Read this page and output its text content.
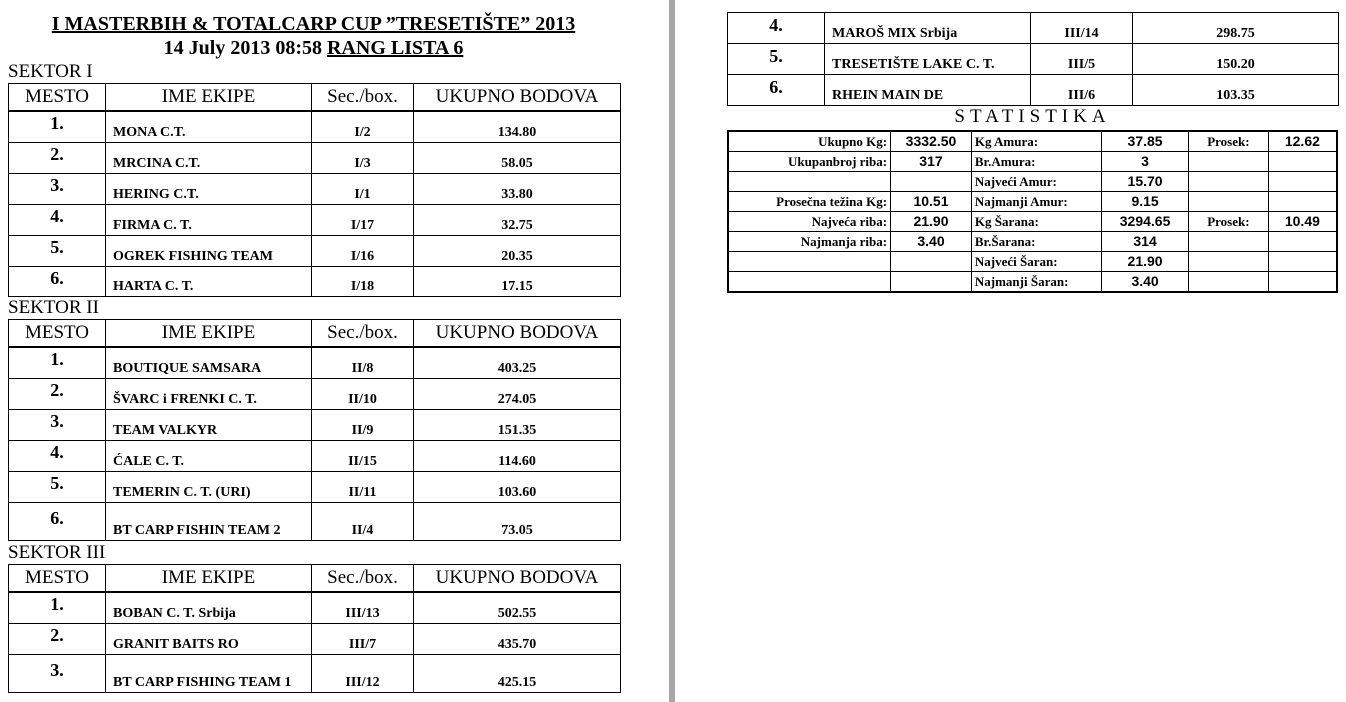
I MASTERBIH & TOTALCARP CUP ”TRESETIŠTE” 2013
14 July 2013 08:58 RANG LISTA 6
SEKTOR I
MESTO	IME EKIPE	Sec./box.	UKUPNO BODOVA
1.	MONA C.T.	I/2	134.80
2.	MRCINA C.T.	I/3	58.05
3.	HERING C.T.	I/1	33.80
4.	FIRMA C. T.	I/17	32.75
5.	OGREK FISHING TEAM	I/16	20.35
6.	HARTA C. T.	I/18	17.15
SEKTOR II
MESTO	IME EKIPE	Sec./box.	UKUPNO BODOVA
1.	BOUTIQUE SAMSARA	II/8	403.25
2.	ŠVARC i FRENKI C. T.	II/10	274.05
3.	TEAM VALKYR	II/9	151.35
4.	ĆALE C. T.	II/15	114.60
5.	TEMERIN C. T. (URI)	II/11	103.60
6.	BT CARP FISHIN TEAM 2	II/4	73.05
SEKTOR III
MESTO	IME EKIPE	Sec./box.	UKUPNO BODOVA
1.	BOBAN C. T. Srbija	III/13	502.55
2.	GRANIT BAITS RO	III/7	435.70
3.	BT CARP FISHING TEAM 1	III/12	425.15
4.	MAROŠ MIX Srbija	III/14	298.75
5.	TRESETIŠTE LAKE C. T.	III/5	150.20
6.	RHEIN MAIN DE	III/6	103.35
STATISTIKA
Ukupno Kg:	3332.50	Kg Amura:	37.85	Prosek:	12.62
Ukupanbroj riba:	317	Br.Amura:	3		
		Najveći Amur:	15.70		
Prosečna težina Kg:	10.51	Najmanji Amur:	9.15		
Najveća riba:	21.90	Kg Šarana:	3294.65	Prosek:	10.49
Najmanja riba:	3.40	Br.Šarana:	314		
		Najveći Šaran:	21.90		
		Najmanji Šaran:	3.40		
